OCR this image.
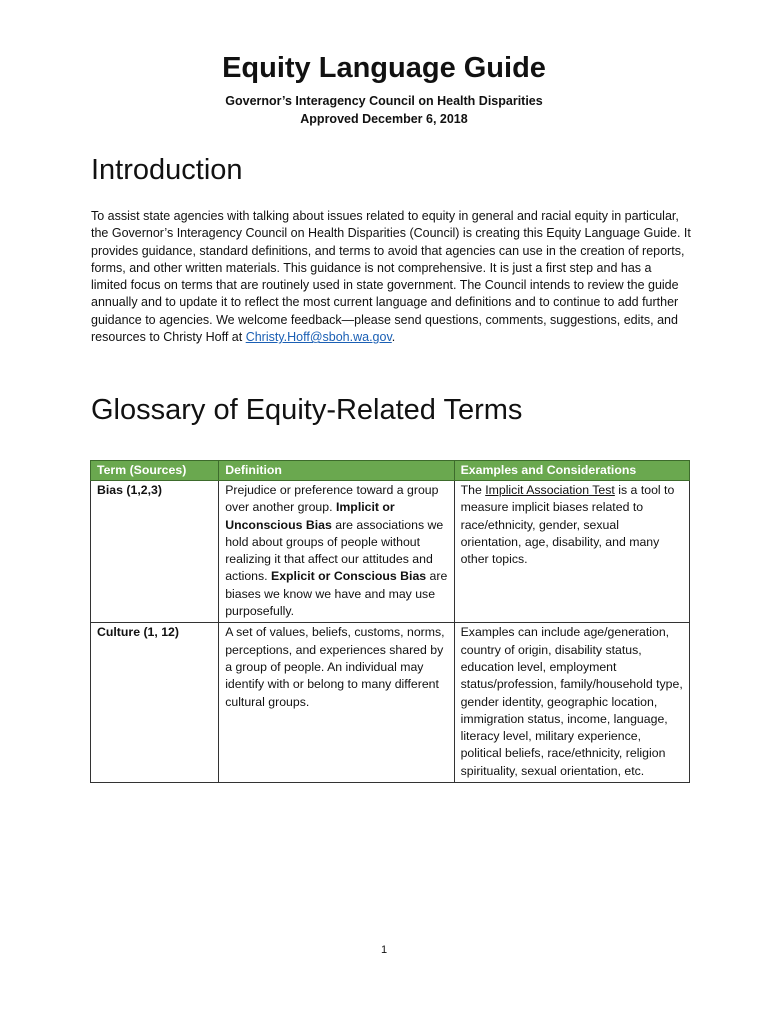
Equity Language Guide
Governor’s Interagency Council on Health Disparities
Approved December 6, 2018
Introduction

To assist state agencies with talking about issues related to equity in general and racial equity in particular, the Governor’s Interagency Council on Health Disparities (Council) is creating this Equity Language Guide. It provides guidance, standard definitions, and terms to avoid that agencies can use in the creation of reports, forms, and other written materials. This guidance is not comprehensive. It is just a first step and has a limited focus on terms that are routinely used in state government. The Council intends to review the guide annually and to update it to reflect the most current language and definitions and to continue to add further guidance to agencies. We welcome feedback—please send questions, comments, suggestions, edits, and resources to Christy Hoff at Christy.Hoff@sboh.wa.gov.

Glossary of Equity-Related Terms
Term (Sources)	Definition	Examples and Considerations
Bias (1,2,3)	Prejudice or preference toward a group over another group. Implicit or Unconscious Bias are associations we hold about groups of people without realizing it that affect our attitudes and actions. Explicit or Conscious Bias are biases we know we have and may use purposefully.	The Implicit Association Test is a tool to measure implicit biases related to race/ethnicity, gender, sexual orientation, age, disability, and many other topics.
Culture (1, 12)	A set of values, beliefs, customs, norms, perceptions, and experiences shared by a group of people. An individual may identify with or belong to many different cultural groups.	Examples can include age/generation, country of origin, disability status, education level, employment status/profession, family/household type, gender identity, geographic location, immigration status, income, language, literacy level, military experience, political beliefs, race/ethnicity, religion spirituality, sexual orientation, etc.
1
